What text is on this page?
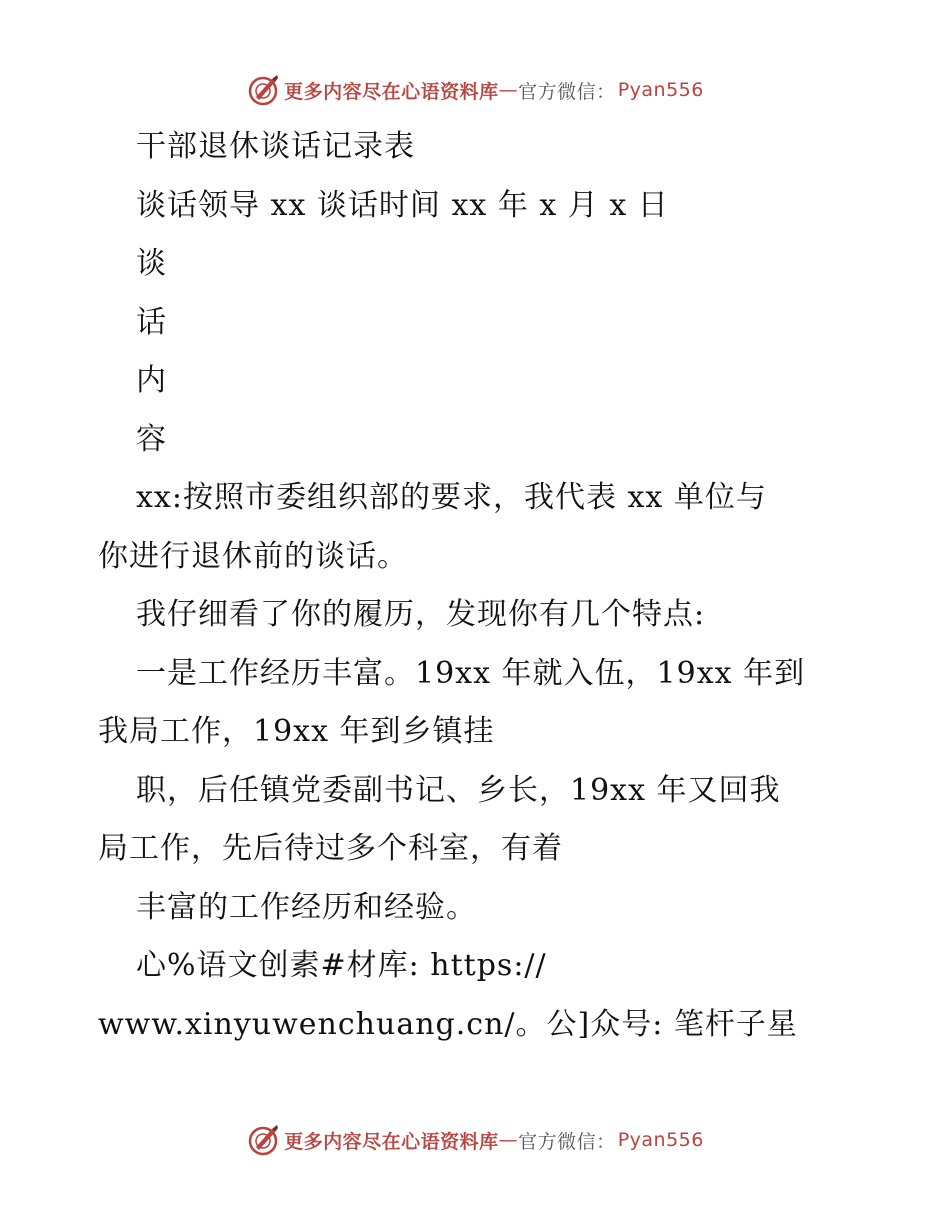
更多内容尽在心语资料库 — 官方微信： Pyan556
干部退休谈话记录表
谈话领导 xx 谈话时间 xx 年 x 月 x 日
谈
话
内
容
xx:按照市委组织部的要求，我代表 xx 单位与
你进行退休前的谈话。
我仔细看了你的履历，发现你有几个特点:
一是工作经历丰富。19xx 年就入伍，19xx 年到
我局工作，19xx 年到乡镇挂
职，后任镇党委副书记、乡长，19xx 年又回我
局工作，先后待过多个科室，有着
丰富的工作经历和经验。
心%语文创素#材库: https://
www.xinyuwenchuang.cn/。公]众号: 笔杆子星
更多内容尽在心语资料库 — 官方微信： Pyan556
